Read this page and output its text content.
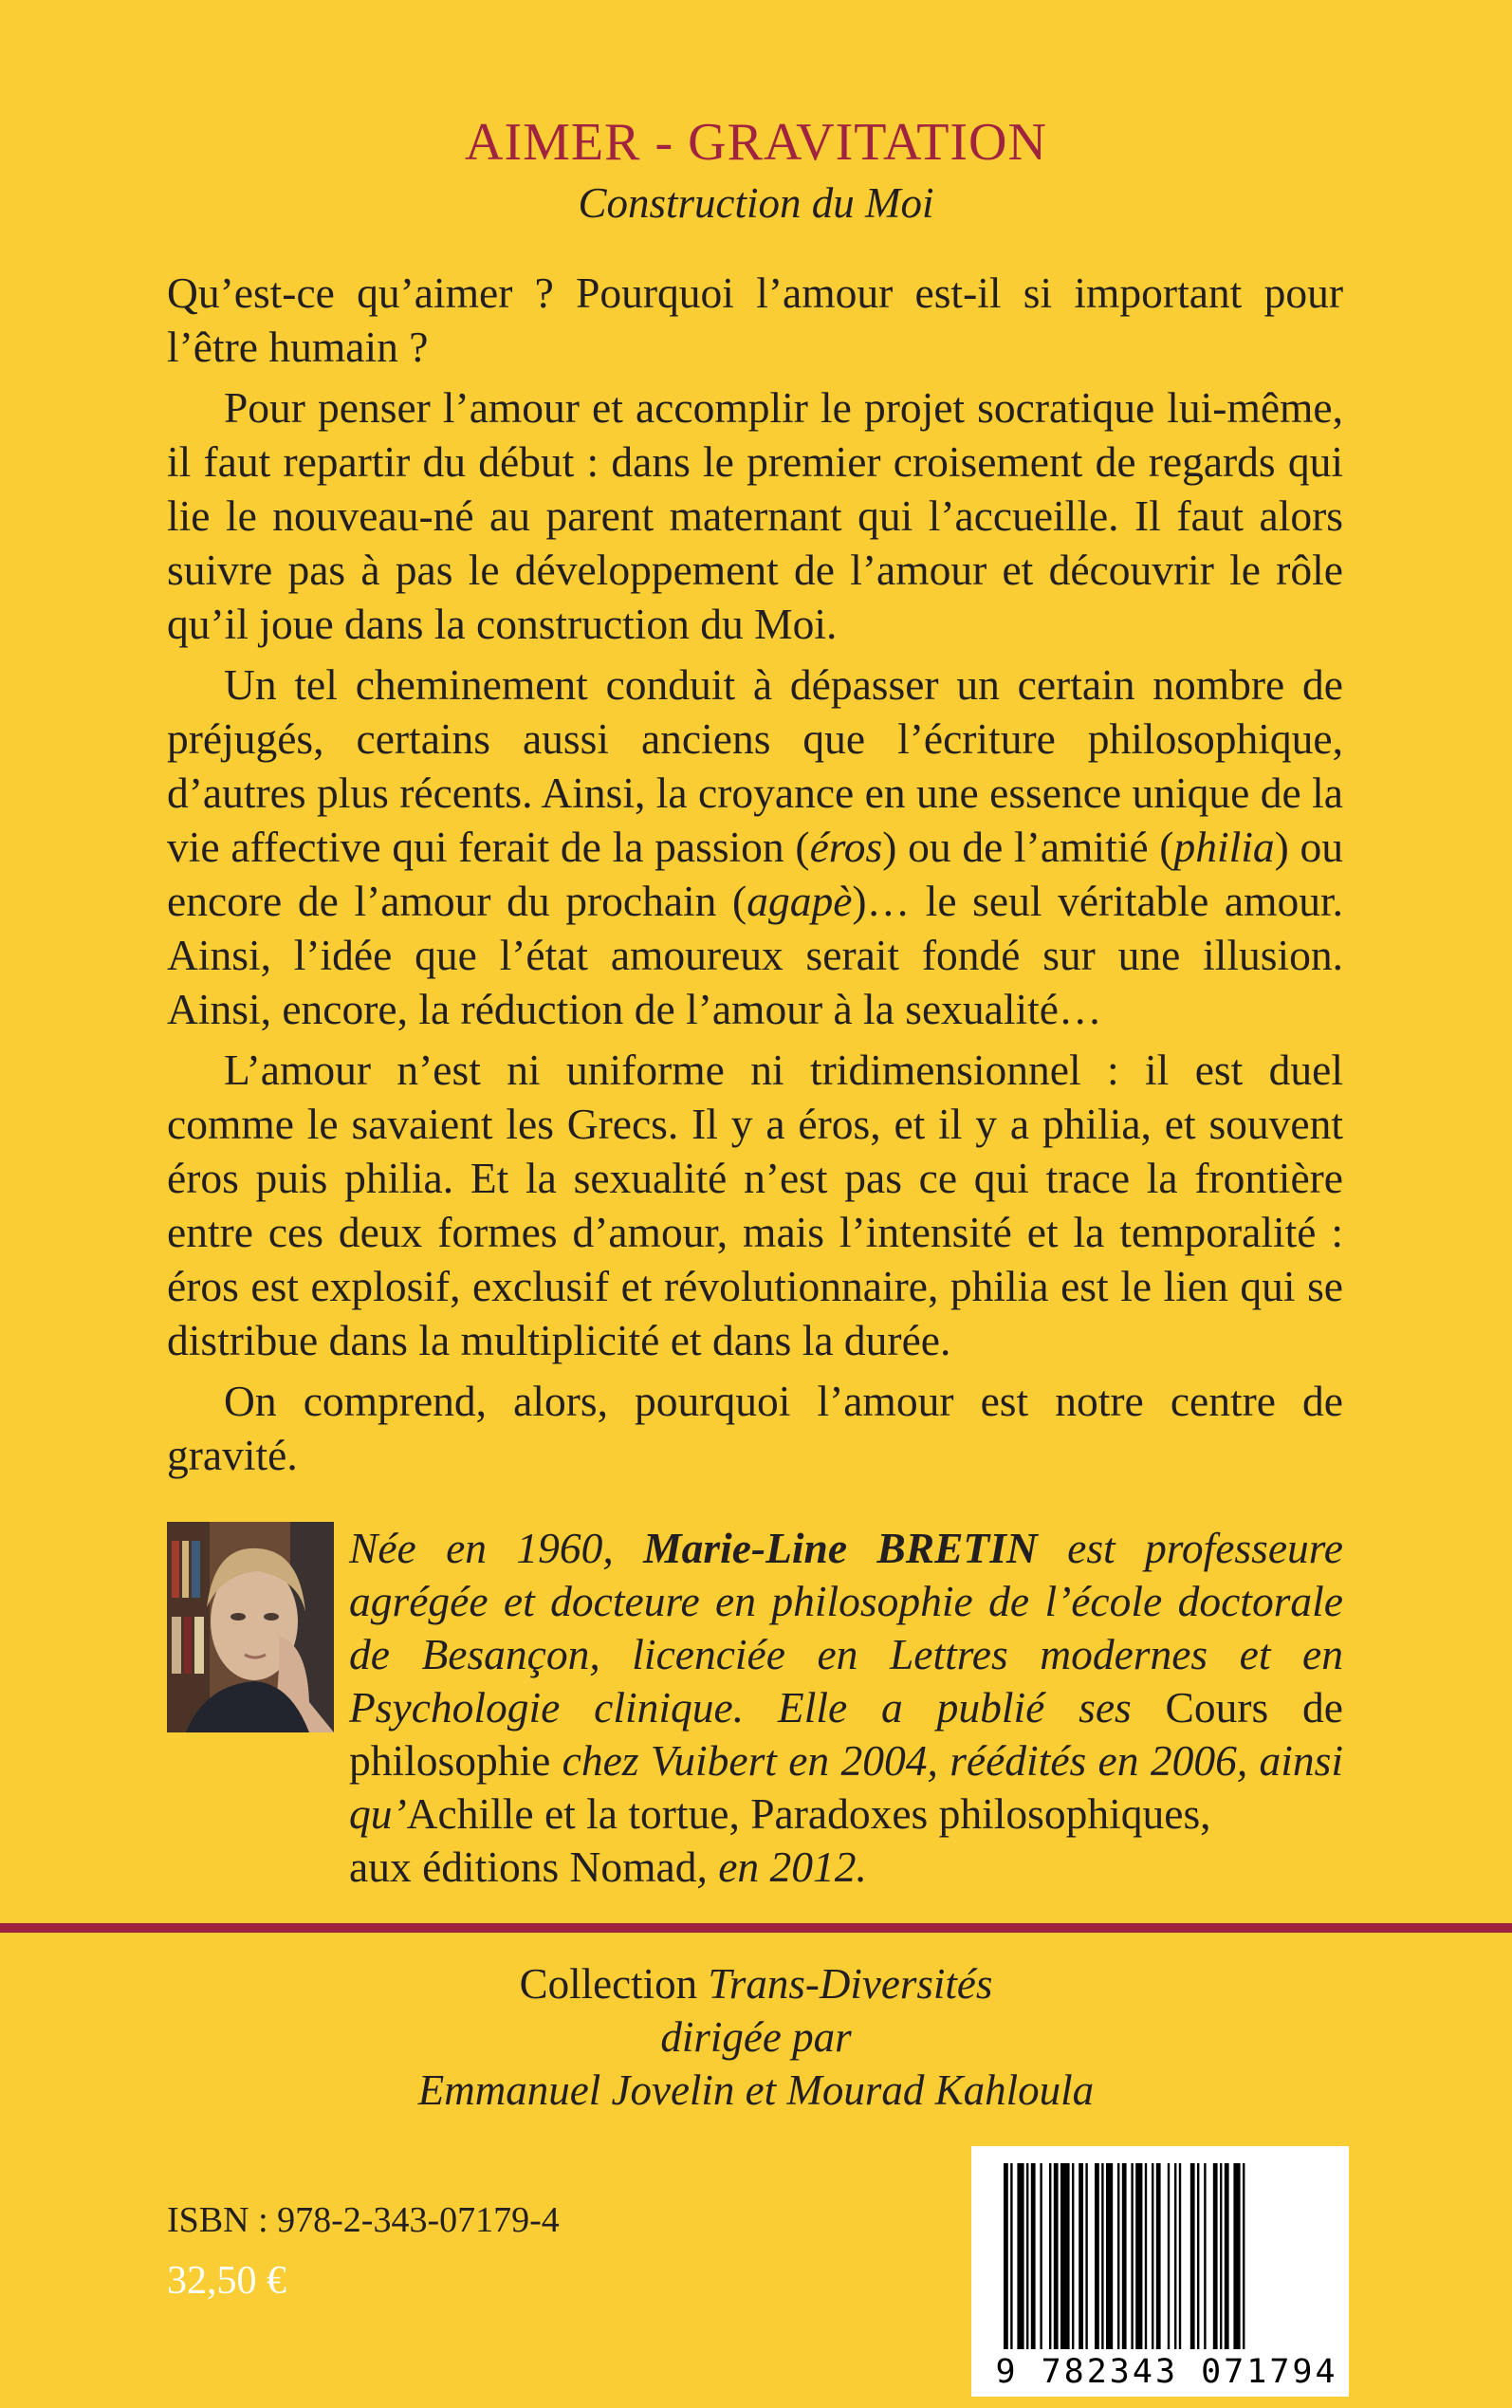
AIMER - GRAVITATION
Construction du Moi

Qu’est-ce qu’aimer ? Pourquoi l’amour est-il si important pour l’être humain ?

Pour penser l’amour et accomplir le projet socratique lui-même, il faut repartir du début : dans le premier croisement de regards qui lie le nouveau-né au parent maternant qui l’accueille. Il faut alors suivre pas à pas le développement de l’amour et découvrir le rôle qu’il joue dans la construction du Moi.

Un tel cheminement conduit à dépasser un certain nombre de préjugés, certains aussi anciens que l’écriture philosophique, d’autres plus récents. Ainsi, la croyance en une essence unique de la vie affective qui ferait de la passion (éros) ou de l’amitié (philia) ou encore de l’amour du prochain (agapè)… le seul véritable amour. Ainsi, l’idée que l’état amoureux serait fondé sur une illusion. Ainsi, encore, la réduction de l’amour à la sexualité…

L’amour n’est ni uniforme ni tridimensionnel : il est duel comme le savaient les Grecs. Il y a éros, et il y a philia, et souvent éros puis philia. Et la sexualité n’est pas ce qui trace la frontière entre ces deux formes d’amour, mais l’intensité et la temporalité : éros est explosif, exclusif et révolutionnaire, philia est le lien qui se distribue dans la multiplicité et dans la durée.

On comprend, alors, pourquoi l’amour est notre centre de gravité.

Née en 1960, Marie-Line BRETIN est professeure agrégée et docteure en philosophie de l’école doctorale de Besançon, licenciée en Lettres modernes et en Psychologie clinique. Elle a publié ses Cours de philosophie chez Vuibert en 2004, réédités en 2006, ainsi qu’Achille et la tortue, Paradoxes philosophiques,
aux éditions Nomad, en 2012.
Collection Trans-Diversités
dirigée par
Emmanuel Jovelin et Mourad Kahloula
ISBN : 978-2-343-07179-4
32,50 €
9 782343 071794
